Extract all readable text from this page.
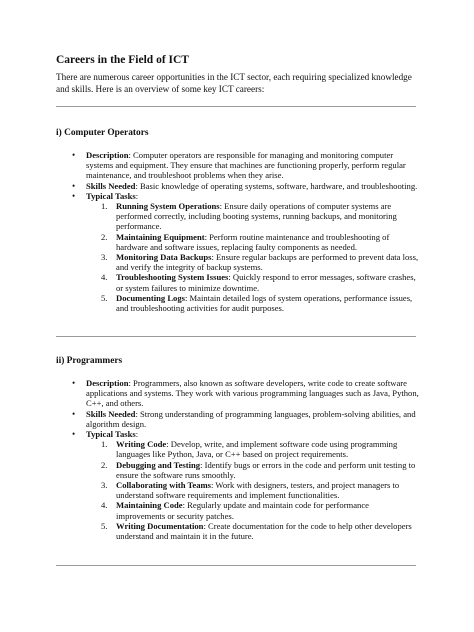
Careers in the Field of ICT
There are numerous career opportunities in the ICT sector, each requiring specialized knowledge and skills. Here is an overview of some key ICT careers:
i) Computer Operators
• Description: Computer operators are responsible for managing and monitoring computer systems and equipment. They ensure that machines are functioning properly, perform regular maintenance, and troubleshoot problems when they arise.
• Skills Needed: Basic knowledge of operating systems, software, hardware, and troubleshooting.
• Typical Tasks:
1. Running System Operations: Ensure daily operations of computer systems are performed correctly, including booting systems, running backups, and monitoring performance.
2. Maintaining Equipment: Perform routine maintenance and troubleshooting of hardware and software issues, replacing faulty components as needed.
3. Monitoring Data Backups: Ensure regular backups are performed to prevent data loss, and verify the integrity of backup systems.
4. Troubleshooting System Issues: Quickly respond to error messages, software crashes, or system failures to minimize downtime.
5. Documenting Logs: Maintain detailed logs of system operations, performance issues, and troubleshooting activities for audit purposes.
ii) Programmers
• Description: Programmers, also known as software developers, write code to create software applications and systems. They work with various programming languages such as Java, Python, C++, and others.
• Skills Needed: Strong understanding of programming languages, problem-solving abilities, and algorithm design.
• Typical Tasks:
1. Writing Code: Develop, write, and implement software code using programming languages like Python, Java, or C++ based on project requirements.
2. Debugging and Testing: Identify bugs or errors in the code and perform unit testing to ensure the software runs smoothly.
3. Collaborating with Teams: Work with designers, testers, and project managers to understand software requirements and implement functionalities.
4. Maintaining Code: Regularly update and maintain code for performance improvements or security patches.
5. Writing Documentation: Create documentation for the code to help other developers understand and maintain it in the future.
